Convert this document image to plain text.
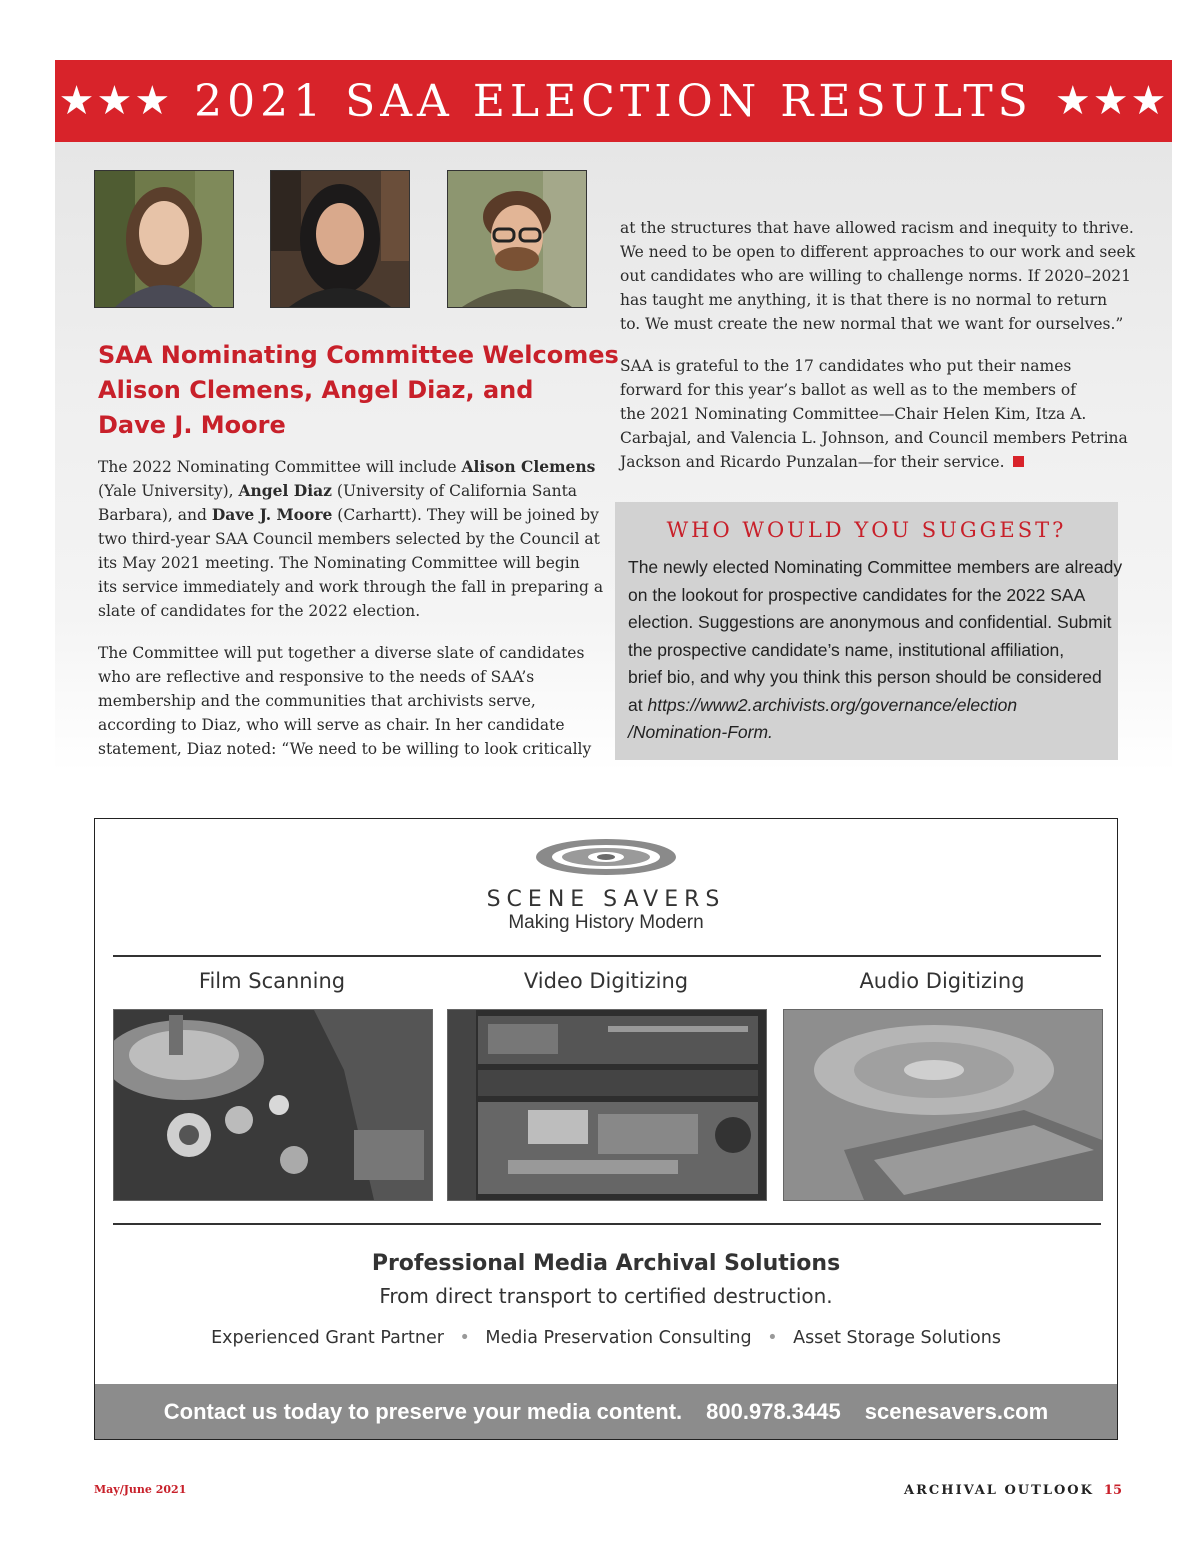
★★★ 2021 SAA ELECTION RESULTS ★★★
SAA Nominating Committee Welcomes
Alison Clemens, Angel Diaz, and
Dave J. Moore

The 2022 Nominating Committee will include Alison Clemens
(Yale University), Angel Diaz (University of California Santa
Barbara), and Dave J. Moore (Carhartt). They will be joined by
two third-year SAA Council members selected by the Council at
its May 2021 meeting. The Nominating Committee will begin
its service immediately and work through the fall in preparing a
slate of candidates for the 2022 election.

The Committee will put together a diverse slate of candidates
who are reflective and responsive to the needs of SAA’s
membership and the communities that archivists serve,
according to Diaz, who will serve as chair. In her candidate
statement, Diaz noted: “We need to be willing to look critically

at the structures that have allowed racism and inequity to thrive.
We need to be open to different approaches to our work and seek
out candidates who are willing to challenge norms. If 2020–2021
has taught me anything, it is that there is no normal to return
to. We must create the new normal that we want for ourselves.”

SAA is grateful to the 17 candidates who put their names
forward for this year’s ballot as well as to the members of
the 2021 Nominating Committee—Chair Helen Kim, Itza A.
Carbajal, and Valencia L. Johnson, and Council members Petrina
Jackson and Ricardo Punzalan—for their service.

WHO WOULD YOU SUGGEST?
The newly elected Nominating Committee members are already
on the lookout for prospective candidates for the 2022 SAA
election. Suggestions are anonymous and confidential. Submit
the prospective candidate’s name, institutional affiliation,
brief bio, and why you think this person should be considered
at https://www2.archivists.org/governance/election
/Nomination-Form.
SCENE SAVERS
Making History Modern
Film Scanning	Video Digitizing	Audio Digitizing
Professional Media Archival Solutions
From direct transport to certified destruction.
Experienced Grant Partner • Media Preservation Consulting • Asset Storage Solutions
Contact us today to preserve your media content. 800.978.3445 scenesavers.com
May/June 2021	ARCHIVAL OUTLOOK 15
